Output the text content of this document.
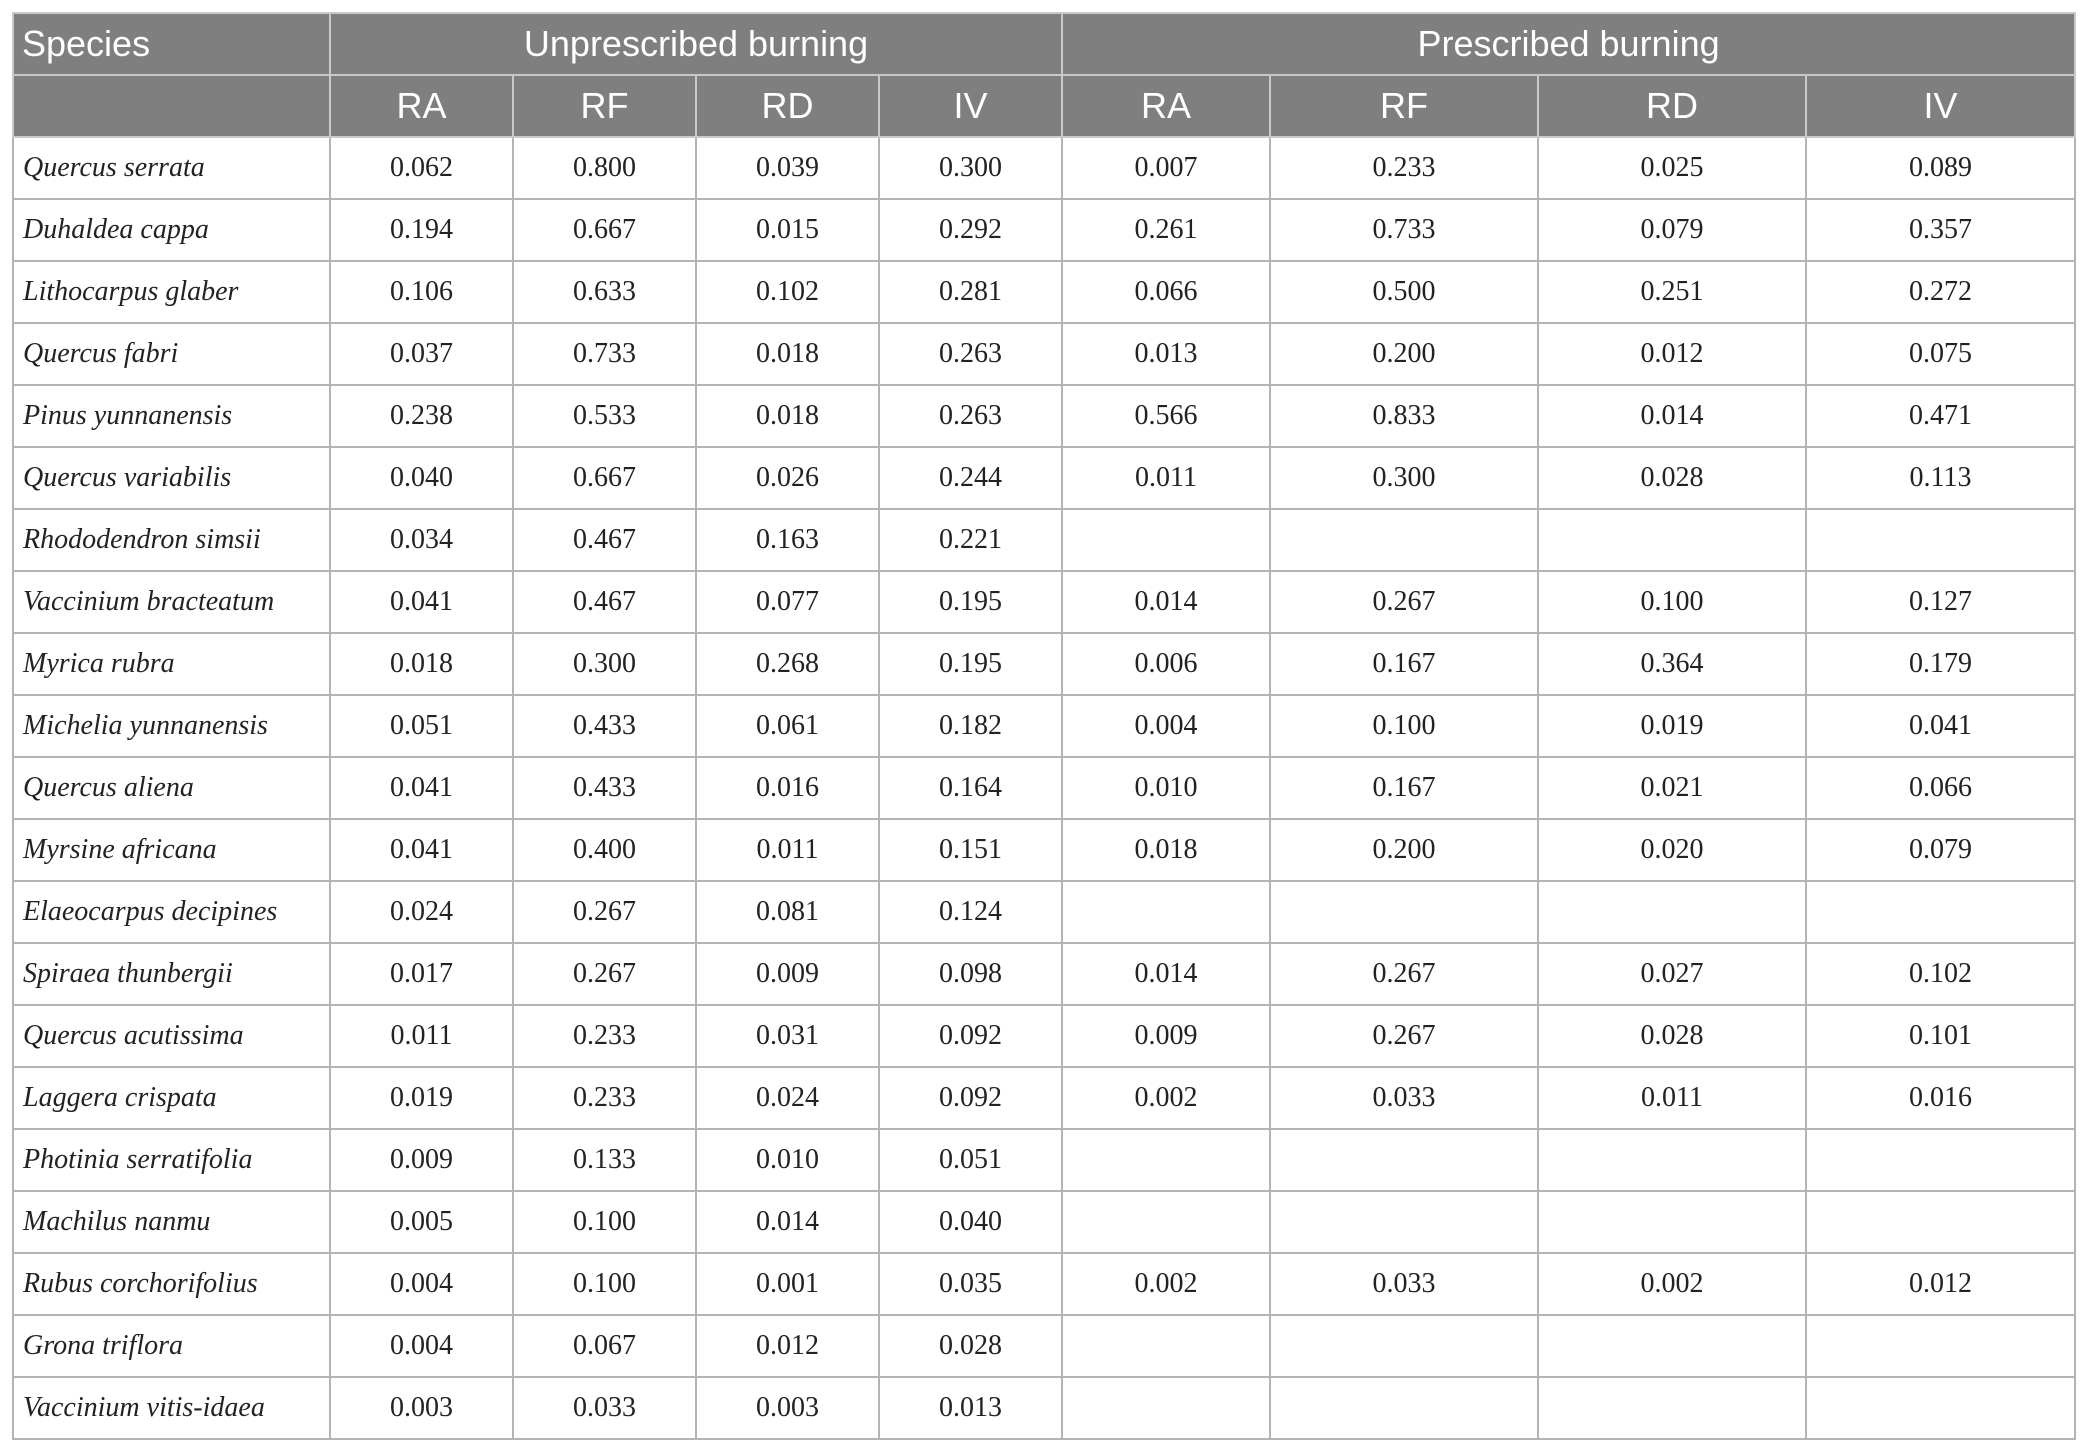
Species	Unprescribed burning				Prescribed burning			
	RA	RF	RD	IV	RA	RF	RD	IV
Quercus serrata	0.062	0.800	0.039	0.300	0.007	0.233	0.025	0.089
Duhaldea cappa	0.194	0.667	0.015	0.292	0.261	0.733	0.079	0.357
Lithocarpus glaber	0.106	0.633	0.102	0.281	0.066	0.500	0.251	0.272
Quercus fabri	0.037	0.733	0.018	0.263	0.013	0.200	0.012	0.075
Pinus yunnanensis	0.238	0.533	0.018	0.263	0.566	0.833	0.014	0.471
Quercus variabilis	0.040	0.667	0.026	0.244	0.011	0.300	0.028	0.113
Rhododendron simsii	0.034	0.467	0.163	0.221				
Vaccinium bracteatum	0.041	0.467	0.077	0.195	0.014	0.267	0.100	0.127
Myrica rubra	0.018	0.300	0.268	0.195	0.006	0.167	0.364	0.179
Michelia yunnanensis	0.051	0.433	0.061	0.182	0.004	0.100	0.019	0.041
Quercus aliena	0.041	0.433	0.016	0.164	0.010	0.167	0.021	0.066
Myrsine africana	0.041	0.400	0.011	0.151	0.018	0.200	0.020	0.079
Elaeocarpus decipines	0.024	0.267	0.081	0.124				
Spiraea thunbergii	0.017	0.267	0.009	0.098	0.014	0.267	0.027	0.102
Quercus acutissima	0.011	0.233	0.031	0.092	0.009	0.267	0.028	0.101
Laggera crispata	0.019	0.233	0.024	0.092	0.002	0.033	0.011	0.016
Photinia serratifolia	0.009	0.133	0.010	0.051				
Machilus nanmu	0.005	0.100	0.014	0.040				
Rubus corchorifolius	0.004	0.100	0.001	0.035	0.002	0.033	0.002	0.012
Grona triflora	0.004	0.067	0.012	0.028				
Vaccinium vitis-idaea	0.003	0.033	0.003	0.013				
